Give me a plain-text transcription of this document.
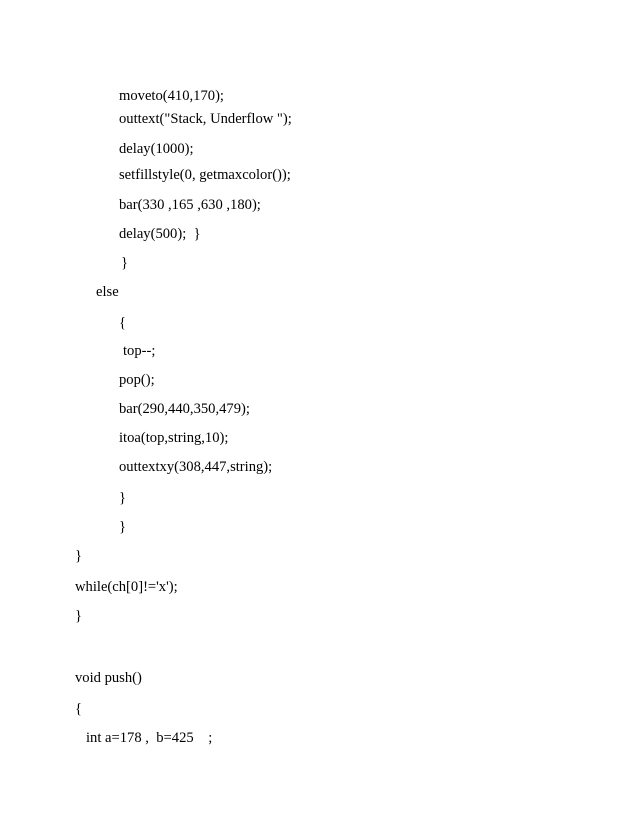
moveto(410,170);
outtext("Stack, Underflow ");
delay(1000);
setfillstyle(0, getmaxcolor());
bar(330 ,165 ,630 ,180);
delay(500);  }
}
else
{
top--;
pop();
bar(290,440,350,479);
itoa(top,string,10);
outtextxy(308,447,string);
}
}
}
while(ch[0]!='x');
}
void push()
{
int a=178 ,  b=425    ;
